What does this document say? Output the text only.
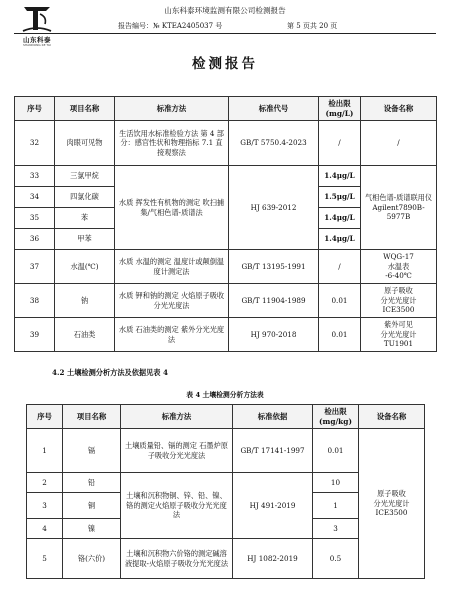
山东科泰
SHANDONG KE TAI
山东科泰环境监测有限公司检测报告
报告编号：№ KTEA2405037 号	第 5 页共 20 页
检测报告
序号	项目名称	标准方法	标准代号	检出限
(mg/L)	设备名称
32	肉眼可见物	生活饮用水标准检验方法 第 4 部分：感官性状和物理指标 7.1 直接观察法	GB/T 5750.4-2023	/	/
33	三氯甲烷	水质 挥发性有机物的测定 吹扫捕集/气相色谱-质谱法	HJ 639-2012	1.4μg/L	气相色谱-质谱联用仪
Agilent7890B-5977B
34	四氯化碳			1.5μg/L	
35	苯			1.4μg/L	
36	甲苯			1.4μg/L	
37	水温(℃)	水质 水温的测定 温度计或颠倒温度计测定法	GB/T 13195-1991	/	WQG-17
水温表
-6-40℃
38	钠	水质 钾和钠的测定 火焰原子吸收分光光度法	GB/T 11904-1989	0.01	原子吸收
分光光度计
ICE3500
39	石油类	水质 石油类的测定 紫外分光光度法	HJ 970-2018	0.01	紫外可见
分光光度计
TU1901
4.2 土壤检测分析方法及依据见表 4
表 4 土壤检测分析方法表
序号	项目名称	标准方法	标准依据	检出限
(mg/kg)	设备名称
1	镉	土壤质量铅、镉的测定 石墨炉原子吸收分光光度法	GB/T 17141-1997	0.01	原子吸收
分光光度计
ICE3500
2	铅	土壤和沉积物铜、锌、铅、镍、铬的测定火焰原子吸收分光光度法	HJ 491-2019	10	
3	铜			1	
4	镍			3	
5	铬(六价)	土壤和沉积物六价铬的测定碱溶液提取-火焰原子吸收分光光度法	HJ 1082-2019	0.5	
